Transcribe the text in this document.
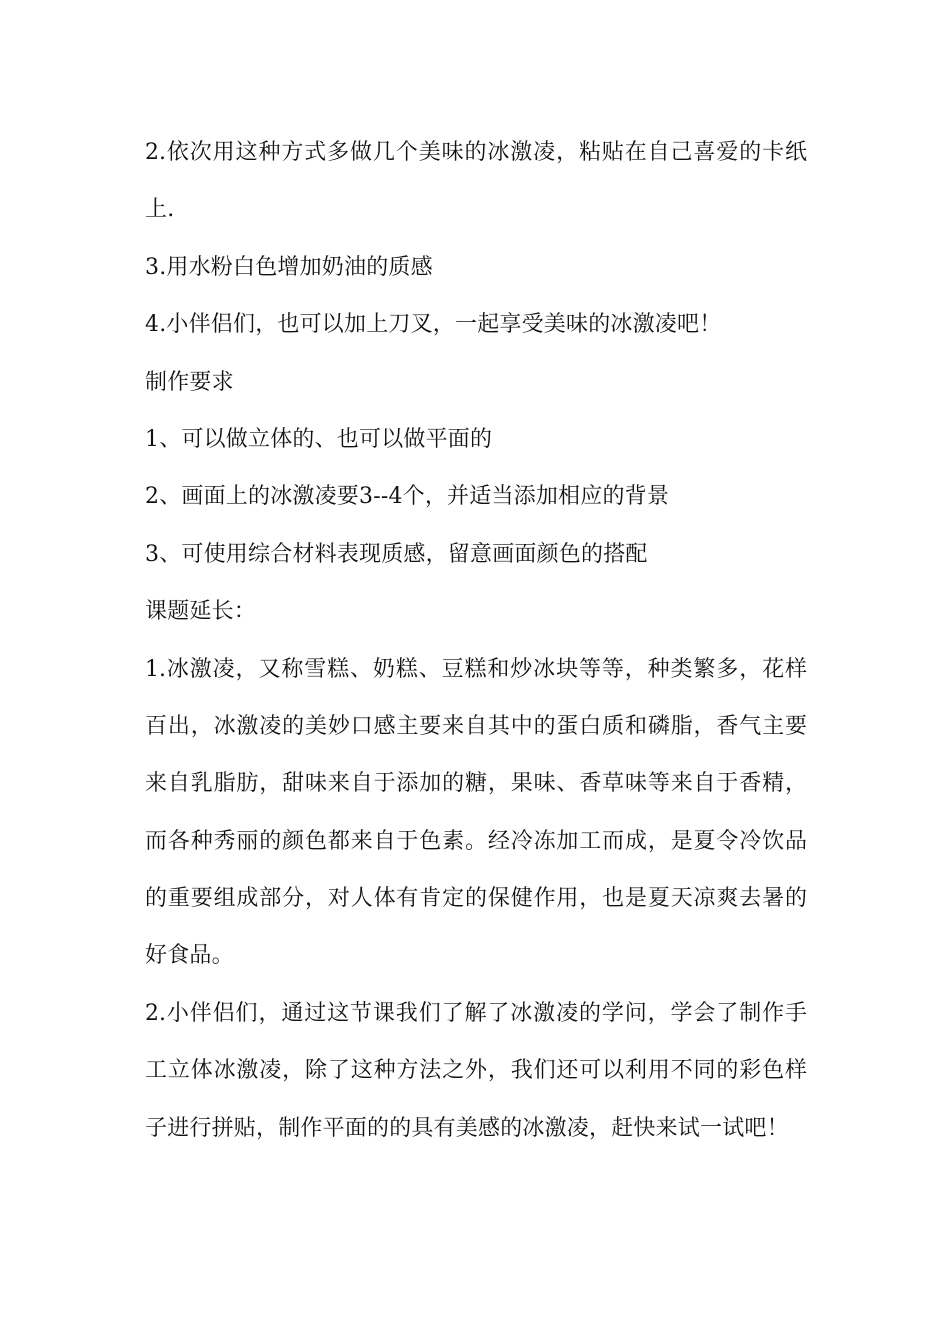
2.依次用这种方式多做几个美味的冰激凌，粘贴在自己喜爱的卡纸
上.
3.用水粉白色增加奶油的质感
4.小伴侣们，也可以加上刀叉，一起享受美味的冰激凌吧！
制作要求
1、可以做立体的、也可以做平面的
2、画面上的冰激凌要3--4个，并适当添加相应的背景
3、可使用综合材料表现质感，留意画面颜色的搭配
课题延长：
1.冰激凌，又称雪糕、奶糕、豆糕和炒冰块等等，种类繁多，花样
百出，冰激凌的美妙口感主要来自其中的蛋白质和磷脂，香气主要
来自乳脂肪，甜味来自于添加的糖，果味、香草味等来自于香精，
而各种秀丽的颜色都来自于色素。经冷冻加工而成，是夏令冷饮品
的重要组成部分，对人体有肯定的保健作用，也是夏天凉爽去暑的
好食品。
2.小伴侣们，通过这节课我们了解了冰激凌的学问，学会了制作手
工立体冰激凌，除了这种方法之外，我们还可以利用不同的彩色样
子进行拼贴，制作平面的的具有美感的冰激凌，赶快来试一试吧！
